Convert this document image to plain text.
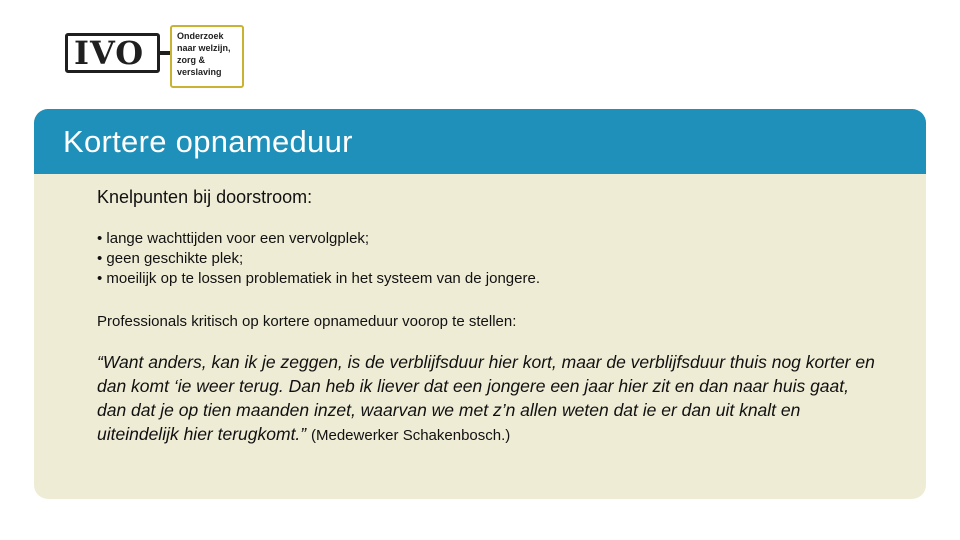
IVO	Onderzoek
naar welzijn,
zorg &
verslaving
Kortere opnameduur

Knelpunten bij doorstroom:

• lange wachttijden voor een vervolgplek;
• geen geschikte plek;
• moeilijk op te lossen problematiek in het systeem van de jongere.

Professionals kritisch op kortere opnameduur voorop te stellen:

“Want anders, kan ik je zeggen, is de verblijfsduur hier kort, maar de verblijfsduur thuis nog korter en dan komt ‘ie weer terug. Dan heb ik liever dat een jongere een jaar hier zit en dan naar huis gaat, dan dat je op tien maanden inzet, waarvan we met z’n allen weten dat ie er dan uit knalt en uiteindelijk hier terugkomt.” (Medewerker Schakenbosch.)
